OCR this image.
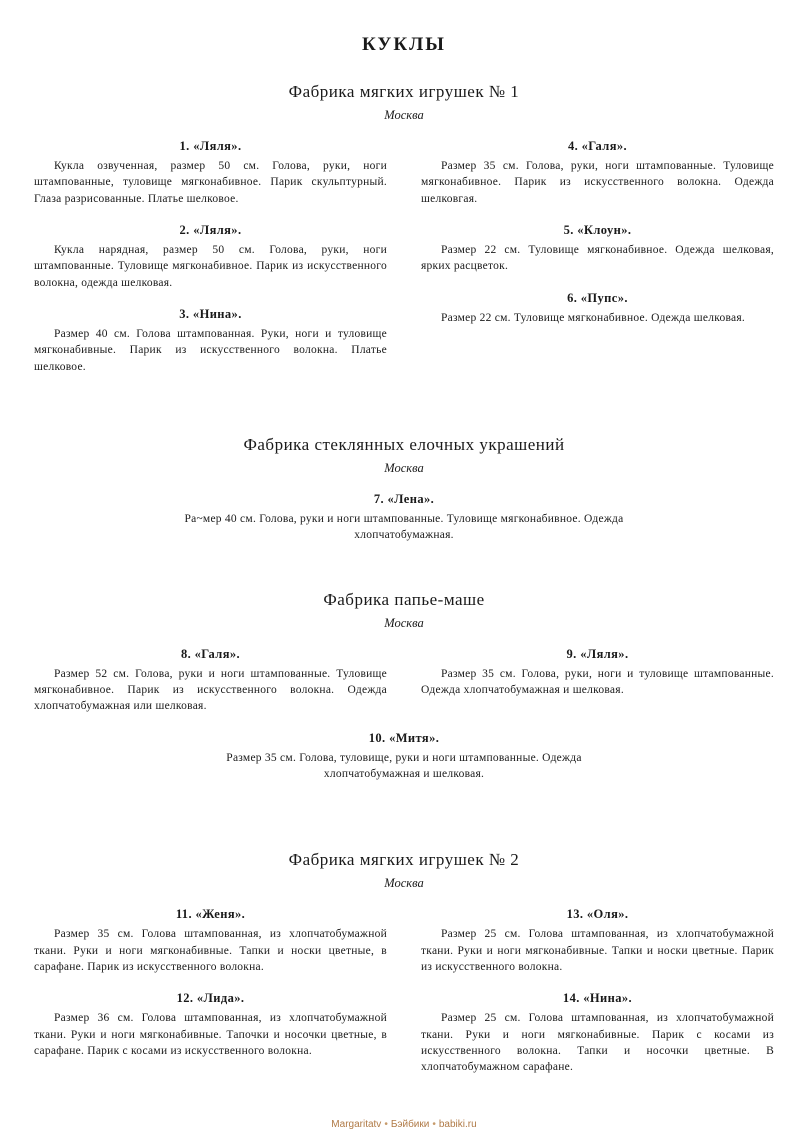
КУКЛЫ
Фабрика мягких игрушек № 1
Москва
1. «Ляля».
Кукла озвученная, размер 50 см. Голова, руки, ноги штампованные, туловище мягконабивное. Парик скульптурный. Глаза разрисованные. Платье шелковое.
2. «Ляля».
Кукла нарядная, размер 50 см. Голова, руки, ноги штампованные. Туловище мягконабивное. Парик из искусственного волокна, одежда шелковая.
3. «Нина».
Размер 40 см. Голова штампованная. Руки, ноги и туловище мягконабивные. Парик из искусственного волокна. Платье шелковое.
4. «Галя».
Размер 35 см. Голова, руки, ноги штампованные. Туловище мягконабивное. Парик из искусственного волокна. Одежда шелковгая.
5. «Клоун».
Размер 22 см. Туловище мягконабивное. Одежда шелковая, ярких расцветок.
6. «Пупс».
Размер 22 см. Туловище мягконабивное. Одежда шелковая.
Фабрика стеклянных елочных украшений
Москва
7. «Лена».
Ра~мер 40 см. Голова, руки и ноги штампованные. Туловище мягконабивное. Одежда хлопчатобумажная.
Фабрика папье-маше
Москва
8. «Галя».
Размер 52 см. Голова, руки и ноги штампованные. Туловище мягконабивное. Парик из искусственного волокна. Одежда хлопчатобумажная или шелковая.
9. «Ляля».
Размер 35 см. Голова, руки, ноги и туловище штампованные. Одежда хлопчатобумажная и шелковая.
10. «Митя».
Размер 35 см. Голова, туловище, руки и ноги штампованные. Одежда хлопчатобумажная и шелковая.
Фабрика мягких игрушек № 2
Москва
11. «Женя».
Размер 35 см. Голова штампованная, из хлопчатобумажной ткани. Руки и ноги мягконабивные. Тапки и носки цветные, в сарафане. Парик из искусственного волокна.
12. «Лида».
Размер 36 см. Голова штампованная, из хлопчатобумажной ткани. Руки и ноги мягконабивные. Тапочки и носочки цветные, в сарафане. Парик с косами из искусственного волокна.
13. «Оля».
Размер 25 см. Голова штампованная, из хлопчатобумажной ткани. Руки и ноги мягконабивные. Тапки и носки цветные. Парик из искусственного волокна.
14. «Нина».
Размер 25 см. Голова штампованная, из хлопчатобумажной ткани. Руки и ноги мягконабивные. Парик с косами из искусственного волокна. Тапки и носочки цветные. В хлопчатобумажном сарафане.
Margaritatv • Бэйбики • babiki.ru
